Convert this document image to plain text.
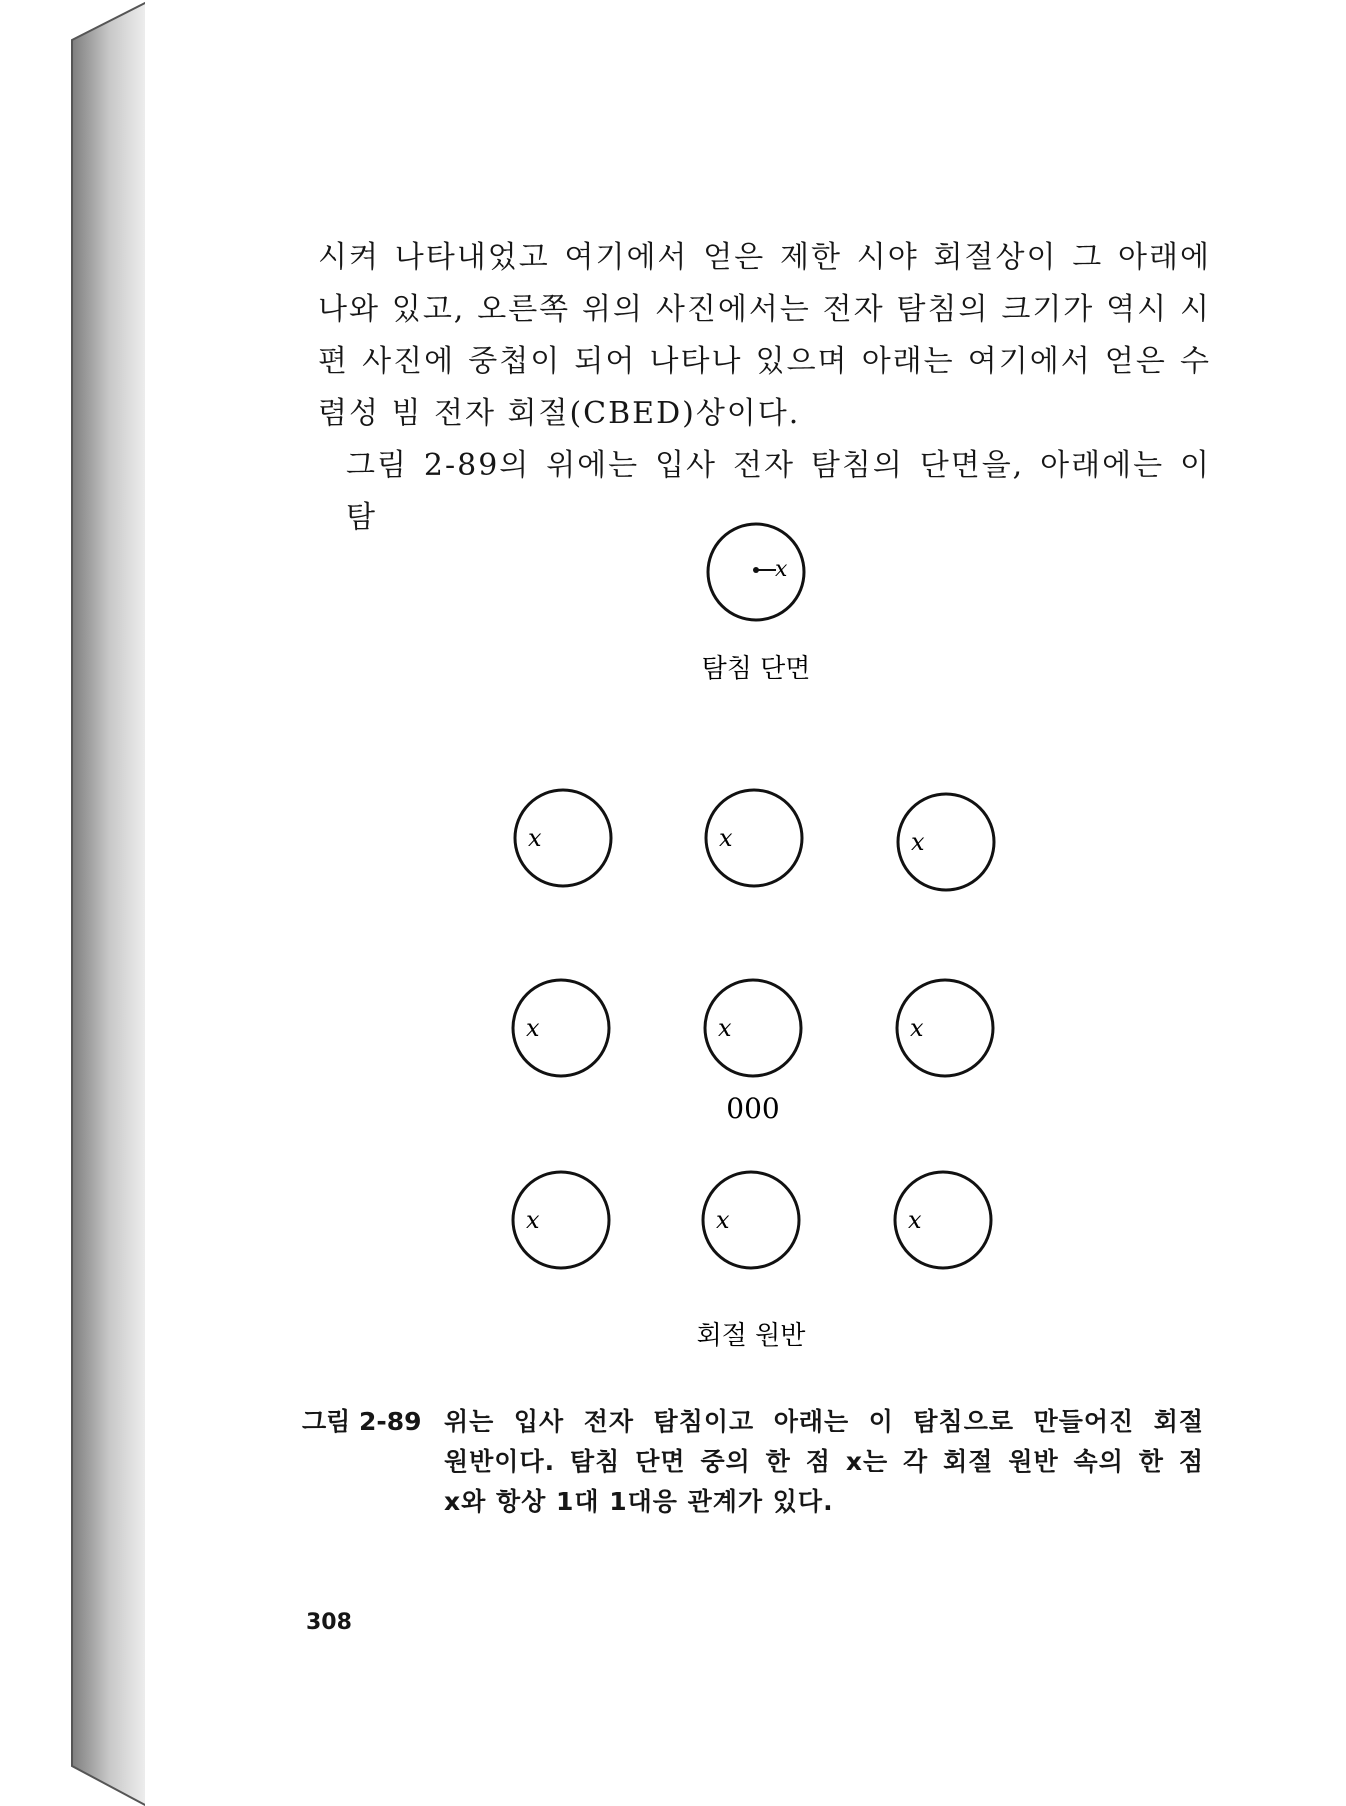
시켜 나타내었고 여기에서 얻은 제한 시야 회절상이 그 아래에

나와 있고, 오른쪽 위의 사진에서는 전자 탐침의 크기가 역시 시

편 사진에 중첩이 되어 나타나 있으며 아래는 여기에서 얻은 수

렴성 빔 전자 회절(CBED)상이다.

그림 2-89의 위에는 입사 전자 탐침의 단면을, 아래에는 이 탐

x
탐침 단면
x	x	x
x	x	x
000
x	x	x
회절 원반
그림 2-89 위는 입사 전자 탐침이고 아래는 이 탐침으로 만들어진 회절

원반이다. 탐침 단면 중의 한 점 x는 각 회절 원반 속의 한 점

x와 항상 1대 1대응 관계가 있다.

308
